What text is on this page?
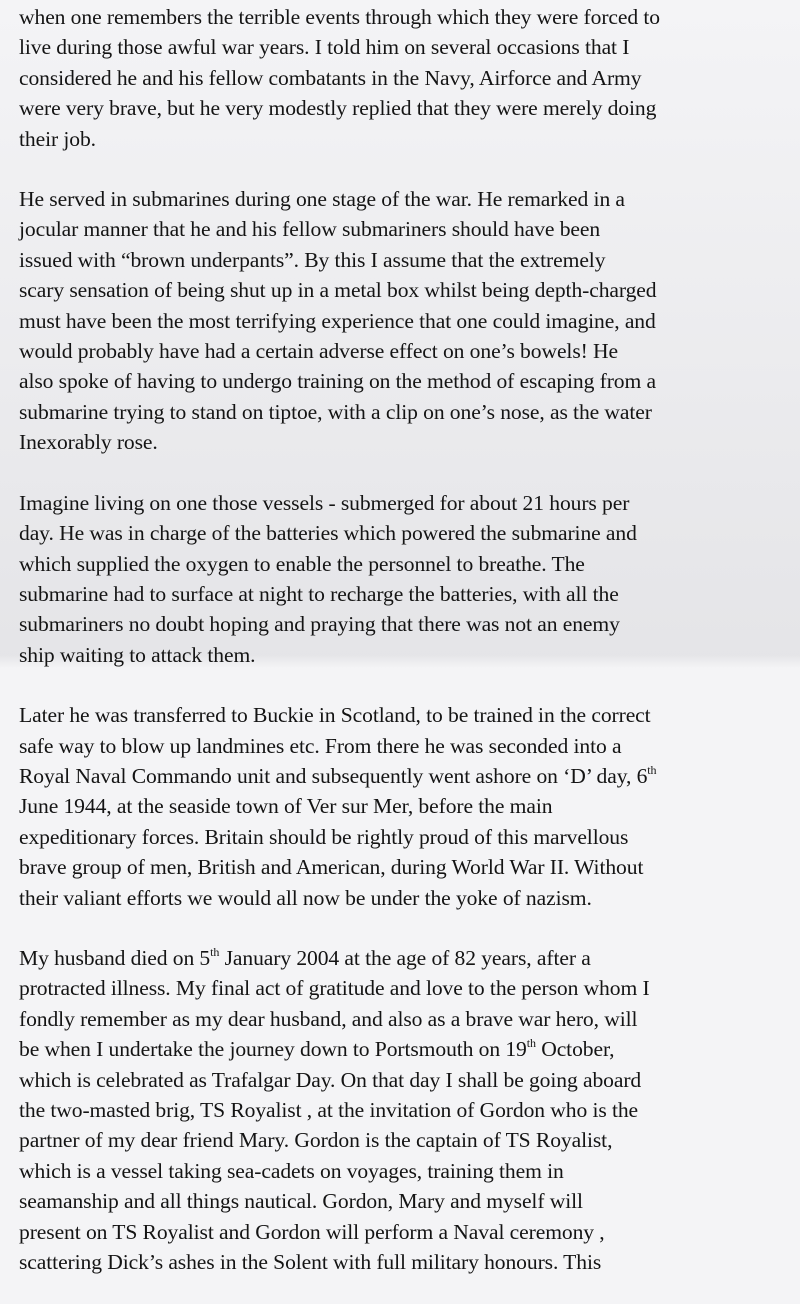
when one remembers the terrible events through which they were forced to
live during those awful war years. I told him on several occasions that I
considered he and his fellow combatants in the Navy, Airforce and Army
were very brave, but he very modestly replied that they were merely doing
their job.

He served in submarines during one stage of the war. He remarked in a
jocular manner that he and his fellow submariners should have been
issued with “brown underpants”. By this I assume that the extremely
scary sensation of being shut up in a metal box whilst being depth-charged
must have been the most terrifying experience that one could imagine, and
would probably have had a certain adverse effect on one’s bowels! He
also spoke of having to undergo training on the method of escaping from a
submarine trying to stand on tiptoe, with a clip on one’s nose, as the water
Inexorably rose.

Imagine living on one those vessels - submerged for about 21 hours per
day. He was in charge of the batteries which powered the submarine and
which supplied the oxygen to enable the personnel to breathe. The
submarine had to surface at night to recharge the batteries, with all the
submariners no doubt hoping and praying that there was not an enemy
ship waiting to attack them.

Later he was transferred to Buckie in Scotland, to be trained in the correct
safe way to blow up landmines etc. From there he was seconded into a
Royal Naval Commando unit and subsequently went ashore on ‘D’ day, 6th
June 1944, at the seaside town of Ver sur Mer, before the main
expeditionary forces. Britain should be rightly proud of this marvellous
brave group of men, British and American, during World War II. Without
their valiant efforts we would all now be under the yoke of nazism.

My husband died on 5th January 2004 at the age of 82 years, after a
protracted illness. My final act of gratitude and love to the person whom I
fondly remember as my dear husband, and also as a brave war hero, will
be when I undertake the journey down to Portsmouth on 19th October,
which is celebrated as Trafalgar Day. On that day I shall be going aboard
the two-masted brig, TS Royalist , at the invitation of Gordon who is the
partner of my dear friend Mary. Gordon is the captain of TS Royalist,
which is a vessel taking sea-cadets on voyages, training them in
seamanship and all things nautical. Gordon, Mary and myself will
present on TS Royalist and Gordon will perform a Naval ceremony ,
scattering Dick’s ashes in the Solent with full military honours. This
